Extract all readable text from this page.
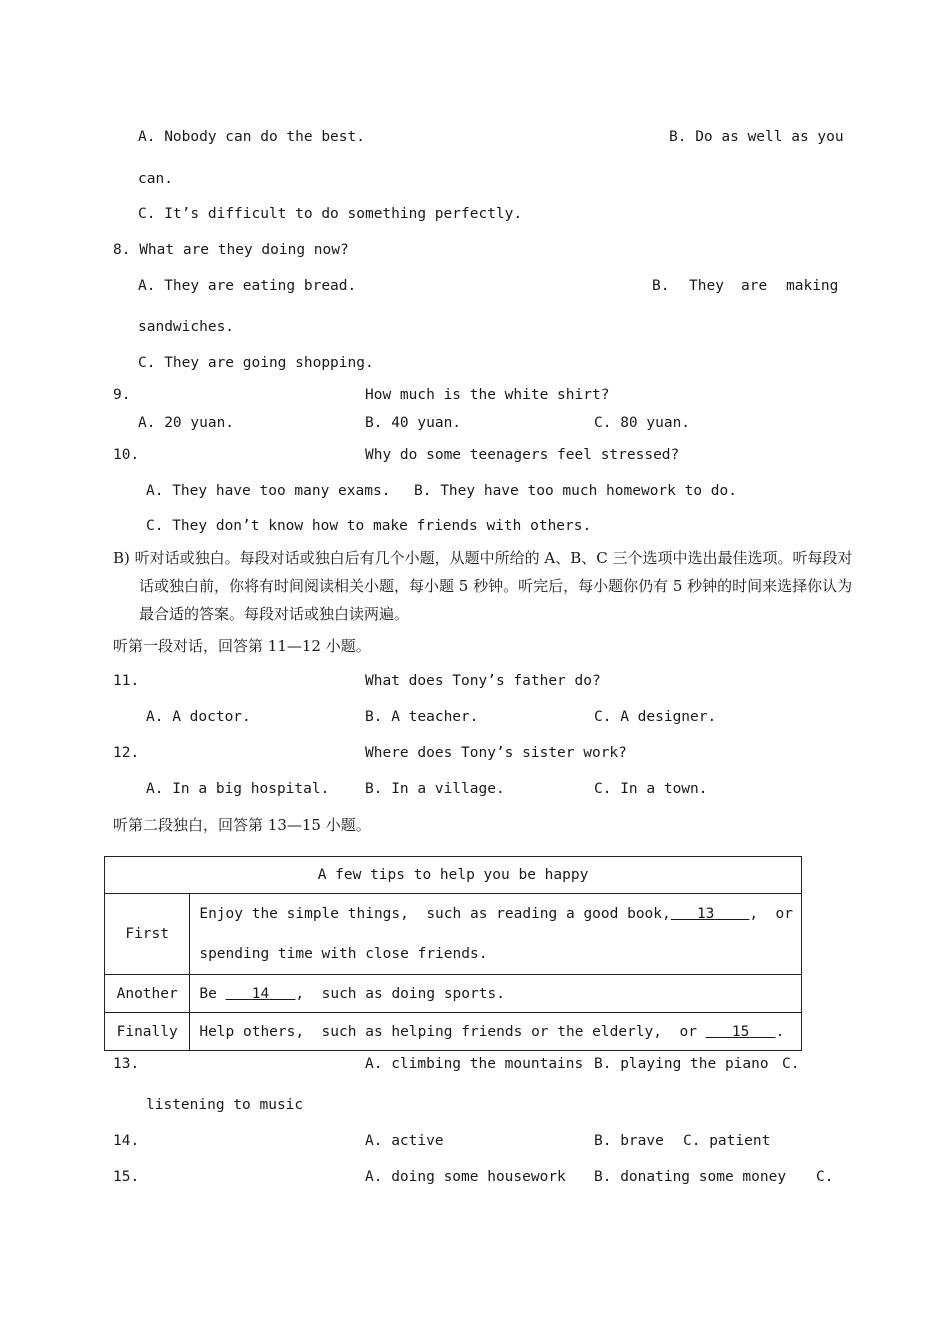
A. Nobody can do the best.	B. Do as well as you
can.
C. It’s difficult to do something perfectly.
8. What are they doing now?
A. They are eating bread.	B. They are making
sandwiches.
C. They are going shopping.
9.	How much is the white shirt?
A. 20 yuan.	B. 40 yuan.	C. 80 yuan.
10.	Why do some teenagers feel stressed?
A. They have too many exams. B. They have too much homework to do.
C. They don’t know how to make friends with others.
B) 听对话或独白。每段对话或独白后有几个小题，从题中所给的 A、B、C 三个选项中选出最佳选项。听每段对话或独白前，你将有时间阅读相关小题，每小题 5 秒钟。听完后，每小题你仍有 5 秒钟的时间来选择你认为最合适的答案。每段对话或独白读两遍。
听第一段对话，回答第 11—12 小题。
11.	What does Tony’s father do?
A. A doctor.	B. A teacher.	C. A designer.
12.	Where does Tony’s sister work?
A. In a big hospital. B. In a village.	C. In a town.
听第二段独白，回答第 13—15 小题。
A few tips to help you be happy	
First	Enjoy the simple things,  such as reading a good book, 13 ,  or
spending time with close friends.

Another	Be 14 ,  such as doing sports.
Finally	Help others,  such as helping friends or the elderly,  or 15 .
13.	A. climbing the mountains B. playing the piano C.
listening to music
14.	A. active	B. brave C. patient
15.	A. doing some housework B. donating some money C.
